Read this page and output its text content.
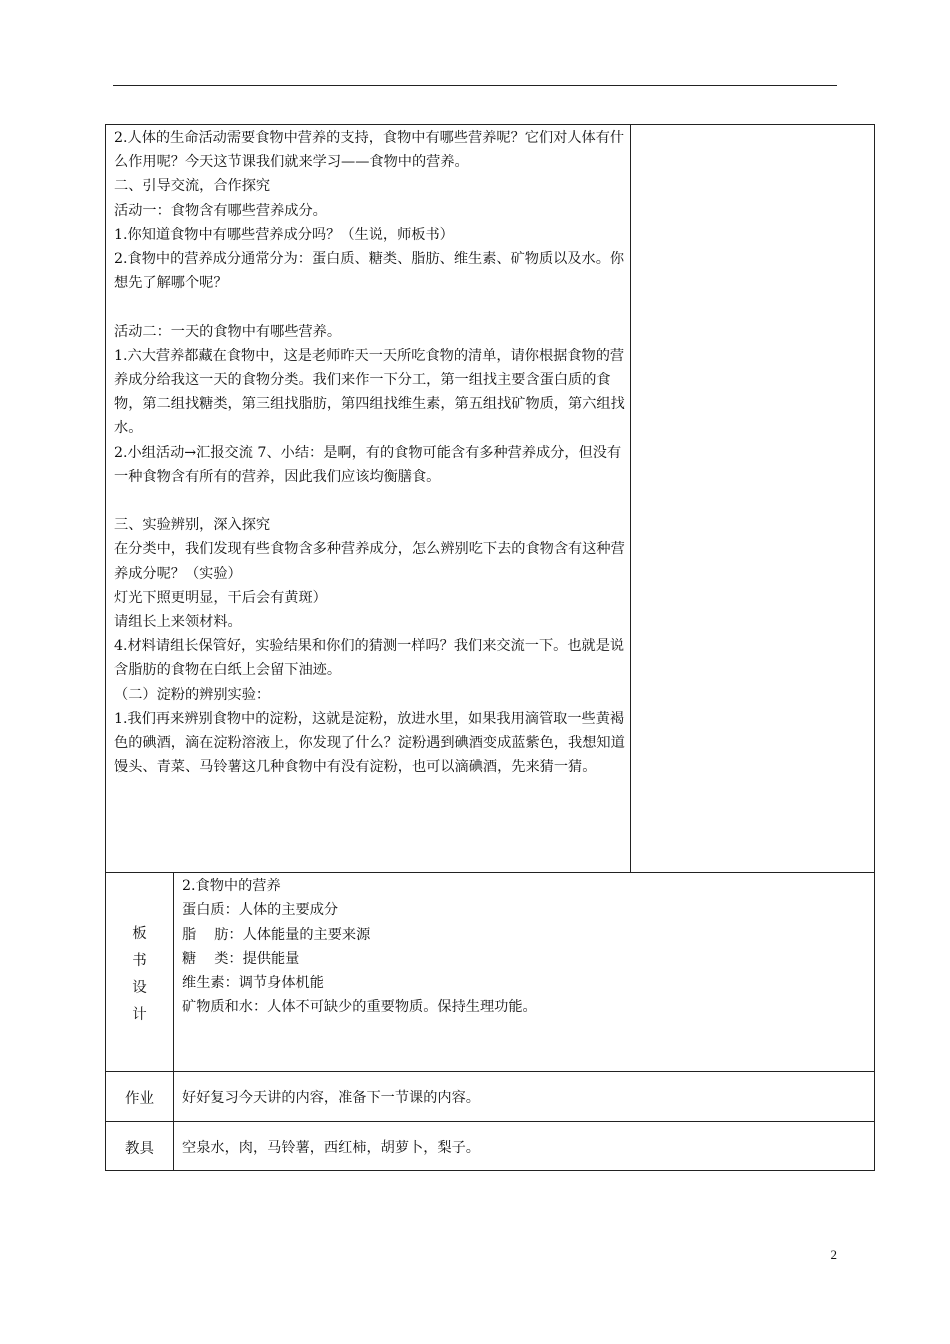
2.人体的生命活动需要食物中营养的支持，食物中有哪些营养呢？它们对人体有什么作用呢？今天这节课我们就来学习——食物中的营养。

二、引导交流，合作探究

活动一：食物含有哪些营养成分。

1.你知道食物中有哪些营养成分吗？（生说，师板书）

2.食物中的营养成分通常分为：蛋白质、糖类、脂肪、维生素、矿物质以及水。你想先了解哪个呢？

活动二：一天的食物中有哪些营养。

1.六大营养都藏在食物中，这是老师昨天一天所吃食物的清单，请你根据食物的营养成分给我这一天的食物分类。我们来作一下分工，第一组找主要含蛋白质的食物，第二组找糖类，第三组找脂肪，第四组找维生素，第五组找矿物质，第六组找水。

2.小组活动→汇报交流 7、小结：是啊，有的食物可能含有多种营养成分，但没有一种食物含有所有的营养，因此我们应该均衡膳食。

三、实验辨别，深入探究

在分类中，我们发现有些食物含多种营养成分，怎么辨别吃下去的食物含有这种营养成分呢？（实验）

灯光下照更明显，干后会有黄斑）

请组长上来领材料。

4.材料请组长保管好，实验结果和你们的猜测一样吗？我们来交流一下。也就是说含脂肪的食物在白纸上会留下油迹。

（二）淀粉的辨别实验：

1.我们再来辨别食物中的淀粉，这就是淀粉，放进水里，如果我用滴管取一些黄褐色的碘酒，滴在淀粉溶液上，你发现了什么？淀粉遇到碘酒变成蓝紫色，我想知道馒头、青菜、马铃薯这几种食物中有没有淀粉，也可以滴碘酒，先来猜一猜。

板
书
设
计

2.食物中的营养

蛋白质：人体的主要成分

脂    肪：人体能量的主要来源

糖    类：提供能量

维生素：调节身体机能

矿物质和水：人体不可缺少的重要物质。保持生理功能。

作业	好好复习今天讲的内容，准备下一节课的内容。
教具	空泉水，肉，马铃薯，西红柿，胡萝卜，梨子。
2
